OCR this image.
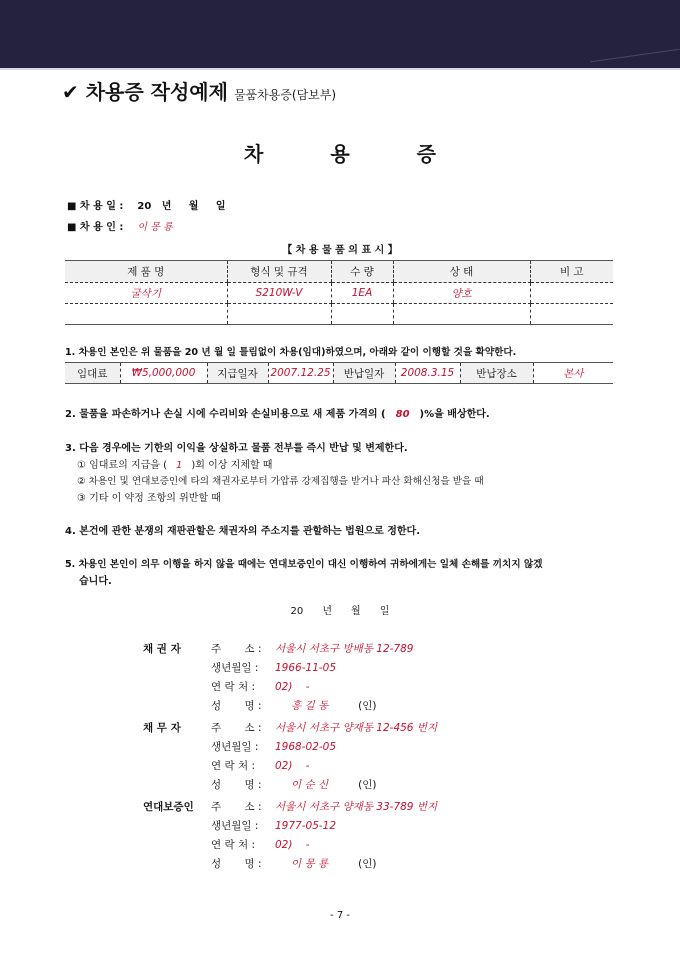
✔ 차용증 작성예제 물품차용증(담보부)
차 용 증
■ 차 용 일 : 20   년     월     일
■ 차 용 인 : 이 몽 룡
【 차 용 물 품 의 표 시 】
제 품 명	형식 및 규격	수 량	상 태	비 고
굴삭기	S210W-V	1EA	양호	

1. 차용인 본인은 위 물품을 20 년 월 일 틀림없이 차용(임대)하였으며, 아래와 같이 이행할 것을 확약한다.
임대료	₩5,000,000	지급일자	2007.12.25	반납일자	2008.3.15	반납장소	본사
2. 물품을 파손하거나 손실 시에 수리비와 손실비용으로 새 제품 가격의 ( 80 )%을 배상한다.
3. 다음 경우에는 기한의 이익을 상실하고 물품 전부를 즉시 반납 및 변제한다.
① 임대료의 지급을 ( 1 )회 이상 지체할 때
② 차용인 및 연대보증인에 타의 채권자로부터 가압류 강제집행을 받거나 파산 화해신청을 받을 때
③ 기타 이 약정 조항의 위반할 때
4. 본건에 관한 분쟁의 재판관할은 채권자의 주소지를 관할하는 법원으로 정한다.
5. 차용인 본인이 의무 이행을 하지 않을 때에는 연대보증인이 대신 이행하여 귀하에게는 일체 손해를 끼치지 않겠
습니다.
20      년      월      일
채 권 자	주       소 : 서울시 서초구 방배동 12-789
생년월일 : 1966-11-05
연 락 처 : 02)    -
성       명 :	홍 길 동	(인)
채 무 자	주       소 : 서울시 서초구 양재동 12-456 번지
생년월일 : 1968-02-05
연 락 처 : 02)    -
성       명 :	이 순 신	(인)
연대보증인 주       소 : 서울시 서초구 양재동 33-789 번지
생년월일 : 1977-05-12
연 락 처 : 02)    -
성       명 :	이 몽 룡	(인)
- 7 -
